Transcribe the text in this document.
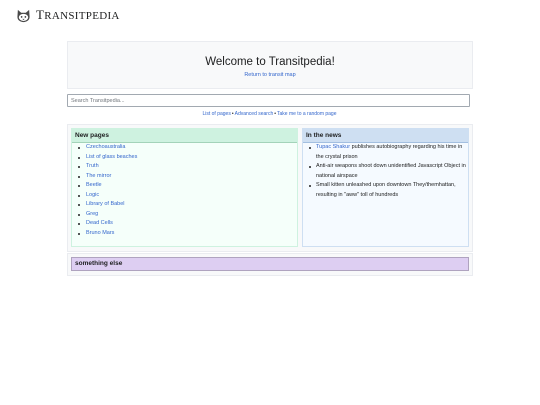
TRANSITPEDIA
Welcome to Transitpedia!
Return to transit map
Search Transitpedia...
List of pages•Advanced search•Take me to a random page
New pages
Czechoaustralia
List of glass beaches
Truth
The mirror
Beetle
Logic
Library of Babel
Greg
Dead Cells
Bruno Mars
In the news
Tupac Shakur publishes autobiography regarding his time in the crystal prison
Anti-air weapons shoot down unidentified Javascript Object in national airspace
Small kitten unleashed upon downtown They/themhattan, resulting in "aww" toll of hundreds
something else
